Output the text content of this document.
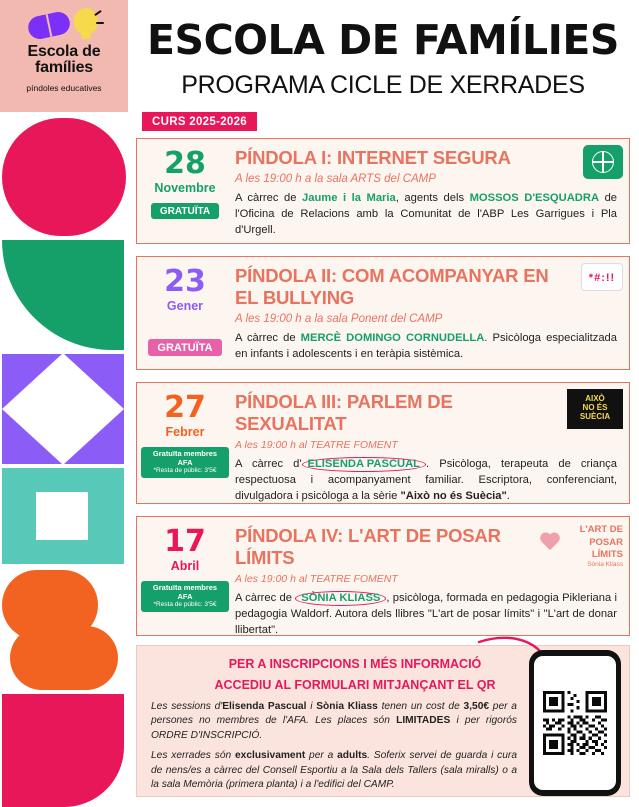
Escola de
famílies
píndoles educatives
ESCOLA DE FAMÍLIES
PROGRAMA CICLE DE XERRADES
CURS 2025-2026
28
Novembre
GRATUÏTA
PÍNDOLA I: INTERNET SEGURA
A les 19:00 h a la sala ARTS del CAMP
A càrrec de Jaume i la Maria, agents dels MOSSOS D'ESQUADRA de l'Oficina de Relacions amb la Comunitat de l'ABP Les Garrigues i Pla d'Urgell.
23
Gener
GRATUÏTA
*#:!!
PÍNDOLA II: COM ACOMPANYAR EN EL BULLYING
A les 19:00 h a la sala Ponent del CAMP
A càrrec de MERCÈ DOMINGO CORNUDELLA. Psicòloga especialitzada en infants i adolescents i en teràpia sistèmica.
27
Febrer
Gratuïta membres AFA
*Resta de públic: 3'5€
AIXÒ
NO ÉS
SUÈCIA
PÍNDOLA III: PARLEM DE SEXUALITAT
A les 19:00 h al TEATRE FOMENT
A càrrec d' ELISENDA PASCUAL . Psicòloga, terapeuta de criança respectuosa i acompanyament familiar. Escriptora, conferenciant, divulgadora i psicòloga a la sèrie "Això no és Suècia".
17
Abril
Gratuïta membres AFA
*Resta de públic: 3'5€
L'ART DE
POSAR
LÍMITS
Sònia Kliass
PÍNDOLA IV: L'ART DE POSAR LÍMITS
A les 19:00 h al TEATRE FOMENT
A càrrec de SÒNIA KLIASS , psicòloga, formada en pedagogia Pikleriana i pedagogia Waldorf. Autora dels llibres "L'art de posar límits" i "L'art de donar llibertat".
PER A INSCRIPCIONS I MÉS INFORMACIÓ
ACCEDIU AL FORMULARI MITJANÇANT EL QR
Les sessions d'Elisenda Pascual i Sònia Kliass tenen un cost de 3,50€ per a persones no membres de l'AFA. Les places són LIMITADES i per rigorós ORDRE D'INSCRIPCIÓ.
Les xerrades són exclusivament per a adults. Soferix servei de guarda i cura de nens/es a càrrec del Consell Esportiu a la Sala dels Tallers (sala miralls) o a la sala Memòria (primera planta) i a l'edifici del CAMP.
